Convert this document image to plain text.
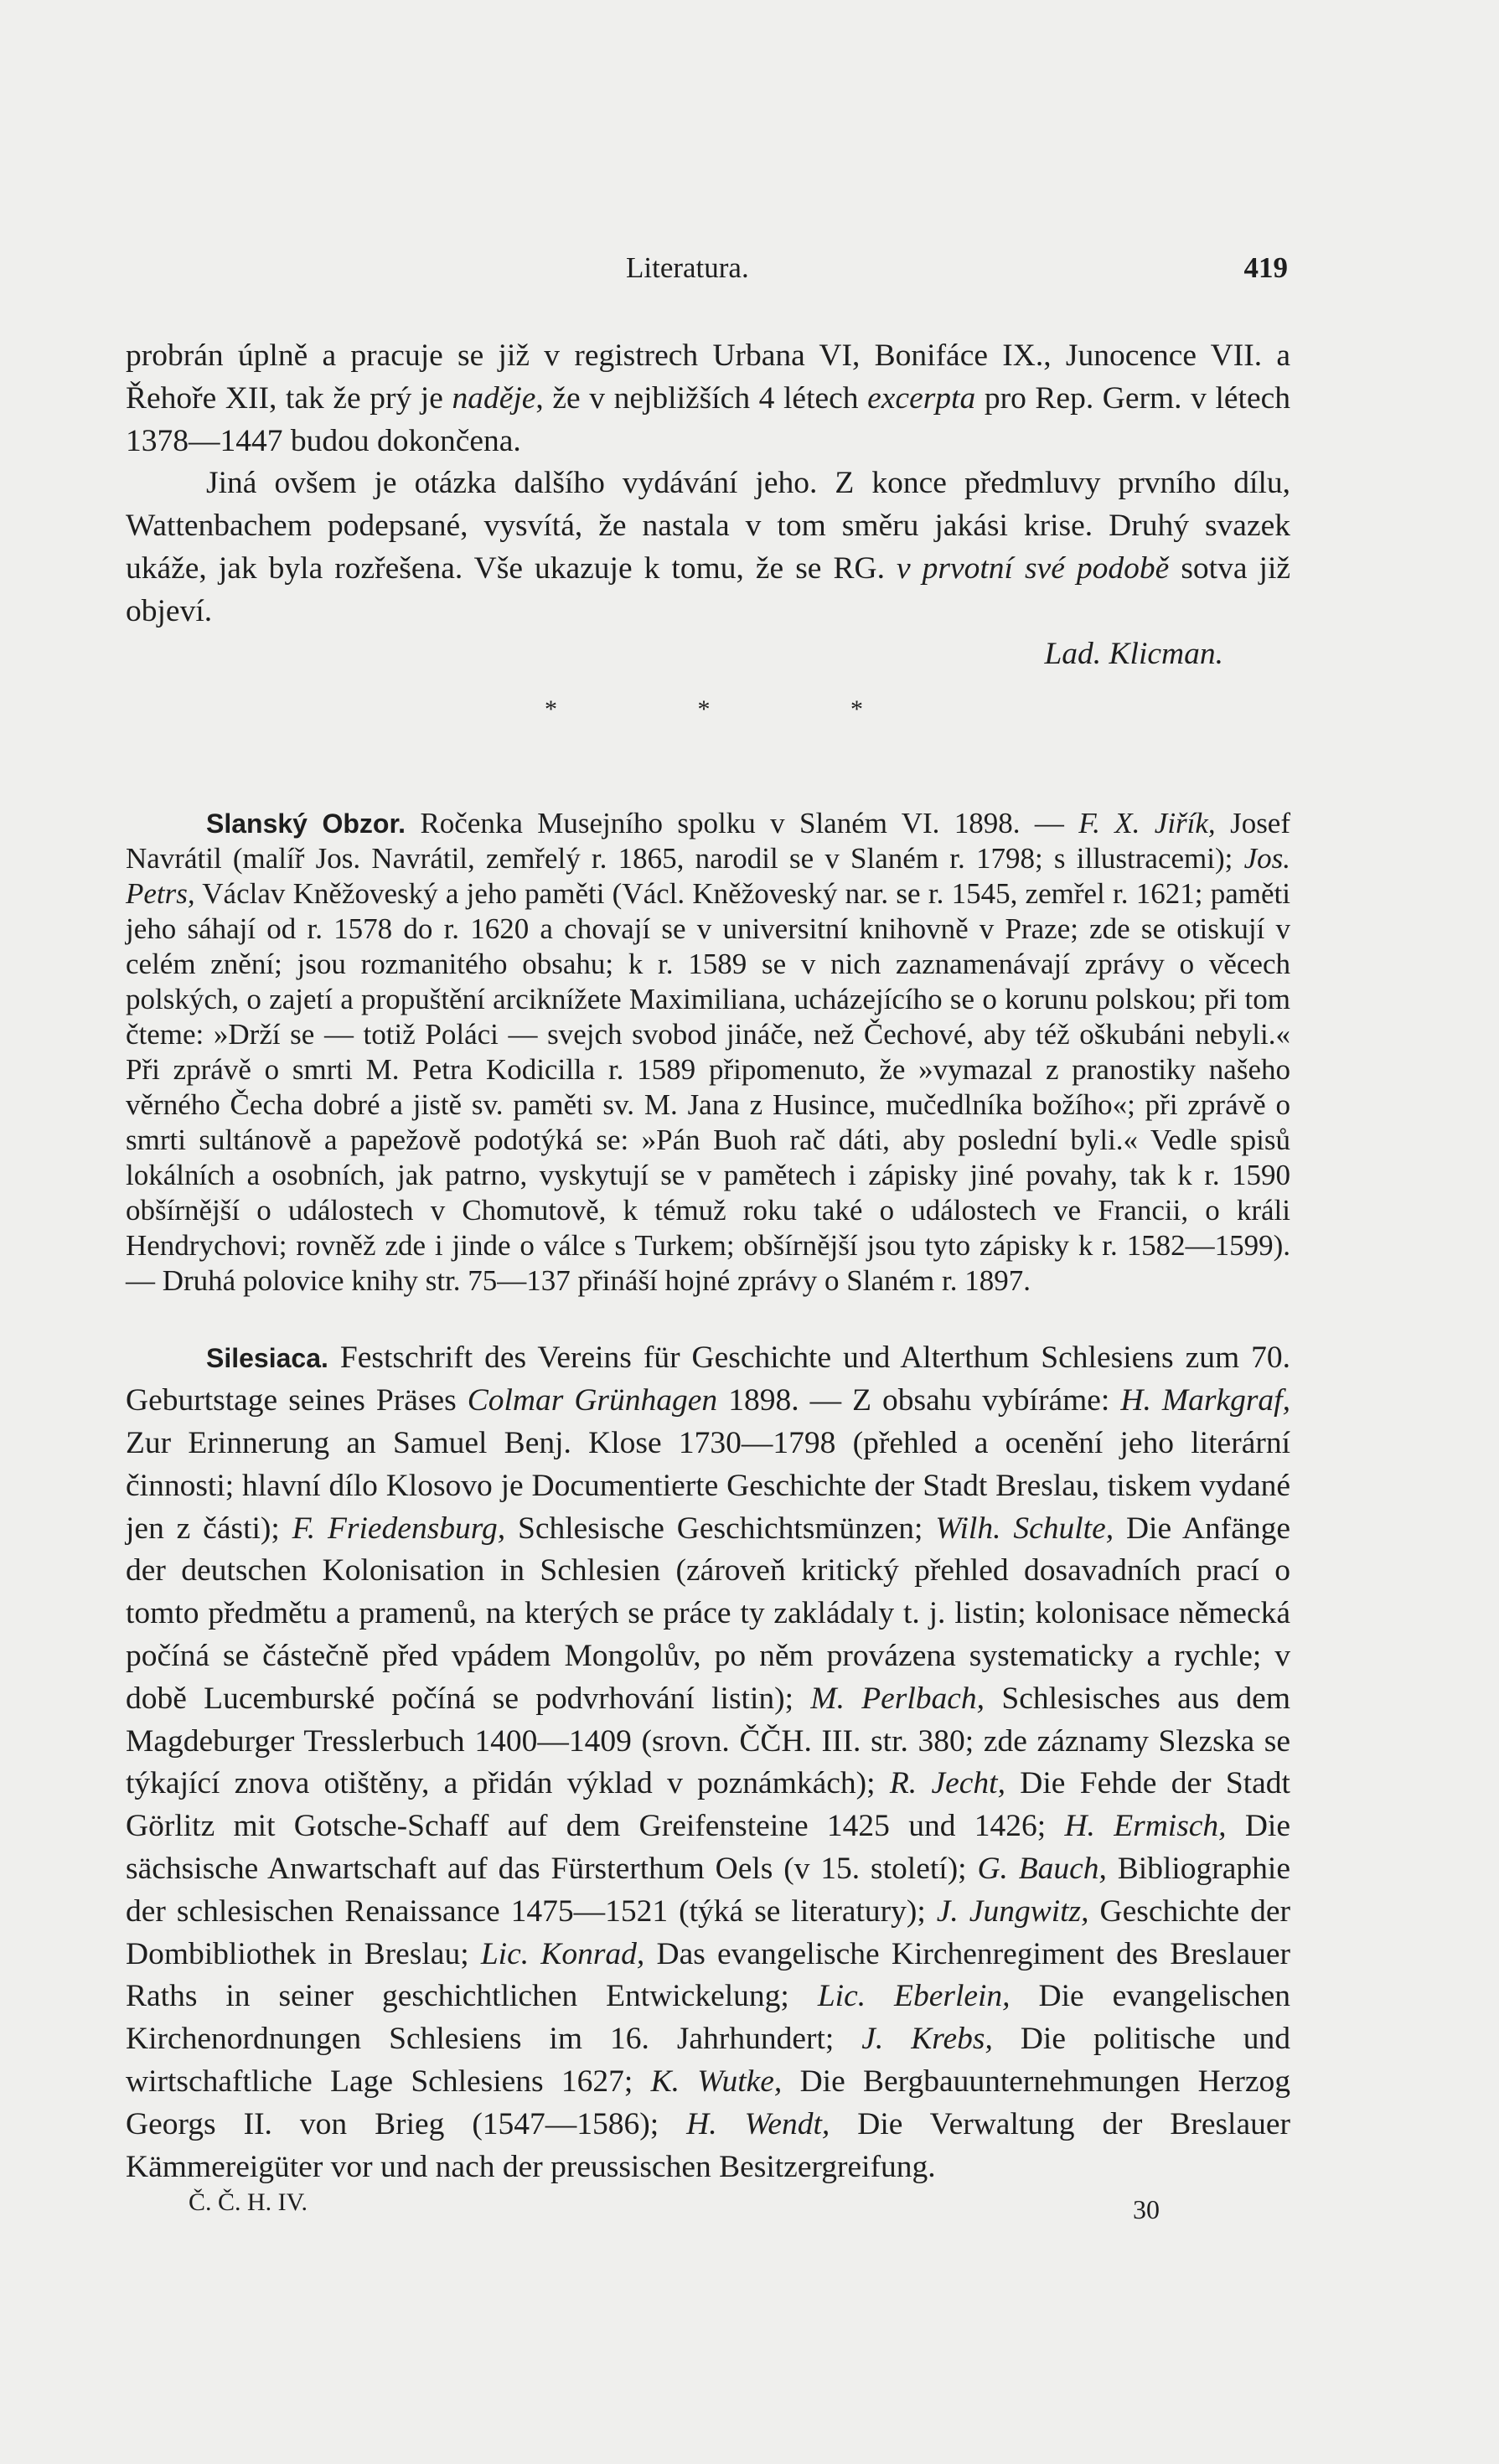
Literatura.	419

probrán úplně a pracuje se již v registrech Urbana VI, Bonifáce IX., Junocence VII. a Řehoře XII, tak že prý je naděje, že v nejbližších 4 létech excerpta pro Rep. Germ. v létech 1378—1447 budou dokončena.

Jiná ovšem je otázka dalšího vydávání jeho. Z konce předmluvy prvního dílu, Wattenbachem podepsané, vysvítá, že nastala v tom směru jakási krise. Druhý svazek ukáže, jak byla rozřešena. Vše ukazuje k tomu, že se RG. v prvotní své podobě sotva již objeví.

Lad. Klicman.

* * *

Slanský Obzor. Ročenka Musejního spolku v Slaném VI. 1898. — F. X. Jiřík, Josef Navrátil (malíř Jos. Navrátil, zemřelý r. 1865, narodil se v Slaném r. 1798; s illustracemi); Jos. Petrs, Václav Kněžoveský a jeho paměti (Václ. Kněžoveský nar. se r. 1545, zemřel r. 1621; paměti jeho sáhají od r. 1578 do r. 1620 a chovají se v universitní knihovně v Praze; zde se otiskují v celém znění; jsou rozmanitého obsahu; k r. 1589 se v nich zaznamenávají zprávy o věcech polských, o zajetí a propuštění arciknížete Maximiliana, ucházejícího se o korunu polskou; při tom čteme: »Drží se — totiž Poláci — svejch svobod jináče, než Čechové, aby též oškubáni nebyli.« Při zprávě o smrti M. Petra Kodicilla r. 1589 připomenuto, že »vymazal z pranostiky našeho věrného Čecha dobré a jistě sv. paměti sv. M. Jana z Husince, mučedlníka božího«; při zprávě o smrti sultánově a papežově podotýká se: »Pán Buoh rač dáti, aby poslední byli.« Vedle spisů lokálních a osobních, jak patrno, vyskytují se v pamětech i zápisky jiné povahy, tak k r. 1590 obšírnější o událostech v Chomutově, k témuž roku také o událostech ve Francii, o králi Hendrychovi; rovněž zde i jinde o válce s Turkem; obšírnější jsou tyto zápisky k r. 1582—1599). — Druhá polovice knihy str. 75—137 přináší hojné zprávy o Slaném r. 1897.

Silesiaca. Festschrift des Vereins für Geschichte und Alterthum Schlesiens zum 70. Geburtstage seines Präses Colmar Grünhagen 1898. — Z obsahu vybíráme: H. Markgraf, Zur Erinnerung an Samuel Benj. Klose 1730—1798 (přehled a ocenění jeho literární činnosti; hlavní dílo Klosovo je Documentierte Geschichte der Stadt Breslau, tiskem vydané jen z části); F. Friedensburg, Schlesische Geschichtsmünzen; Wilh. Schulte, Die Anfänge der deutschen Kolonisation in Schlesien (zároveň kritický přehled dosavadních prací o tomto předmětu a pramenů, na kterých se práce ty zakládaly t. j. listin; kolonisace německá počíná se částečně před vpádem Mongolův, po něm provázena systematicky a rychle; v době Lucemburské počíná se podvrhování listin); M. Perlbach, Schlesisches aus dem Magdeburger Tresslerbuch 1400—1409 (srovn. ČČH. III. str. 380; zde záznamy Slezska se týkající znova otištěny, a přidán výklad v poznámkách); R. Jecht, Die Fehde der Stadt Görlitz mit Gotsche-Schaff auf dem Greifensteine 1425 und 1426; H. Ermisch, Die sächsische Anwartschaft auf das Fürsterthum Oels (v 15. století); G. Bauch, Bibliographie der schlesischen Renaissance 1475—1521 (týká se literatury); J. Jungwitz, Geschichte der Dombibliothek in Breslau; Lic. Konrad, Das evangelische Kirchenregiment des Breslauer Raths in seiner geschichtlichen Entwickelung; Lic. Eberlein, Die evangelischen Kirchenordnungen Schlesiens im 16. Jahrhundert; J. Krebs, Die politische und wirtschaftliche Lage Schlesiens 1627; K. Wutke, Die Bergbauunternehmungen Herzog Georgs II. von Brieg (1547—1586); H. Wendt, Die Verwaltung der Breslauer Kämmereigüter vor und nach der preussischen Besitzergreifung.

Č. Č. H. IV.	30
